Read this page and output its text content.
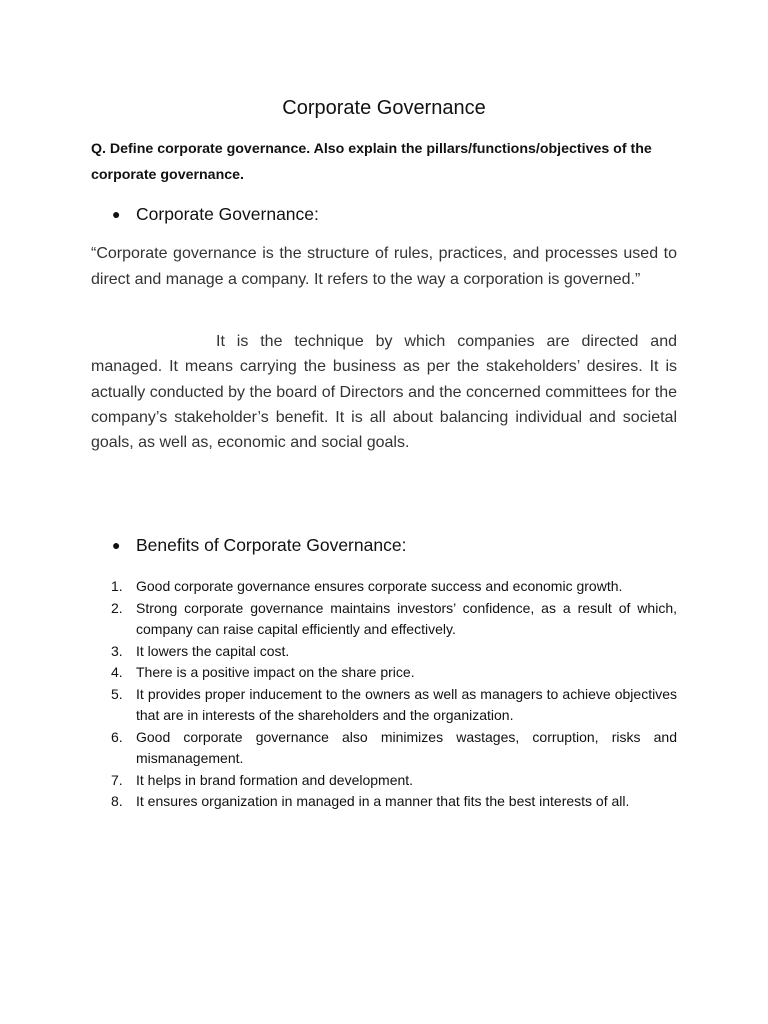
Corporate Governance

Q. Define corporate governance. Also explain the pillars/functions/objectives of the corporate governance.

● Corporate Governance:

“Corporate governance is the structure of rules, practices, and processes used to direct and manage a company. It refers to the way a corporation is governed.”

It is the technique by which companies are directed and managed. It means carrying the business as per the stakeholders’ desires. It is actually conducted by the board of Directors and the concerned committees for the company’s stakeholder’s benefit. It is all about balancing individual and societal goals, as well as, economic and social goals.

● Benefits of Corporate Governance:
1. Good corporate governance ensures corporate success and economic growth.
2. Strong corporate governance maintains investors’ confidence, as a result of which, company can raise capital efficiently and effectively.
3. It lowers the capital cost.
4. There is a positive impact on the share price.
5. It provides proper inducement to the owners as well as managers to achieve objectives that are in interests of the shareholders and the organization.
6. Good corporate governance also minimizes wastages, corruption, risks and mismanagement.
7. It helps in brand formation and development.
8. It ensures organization in managed in a manner that fits the best interests of all.
